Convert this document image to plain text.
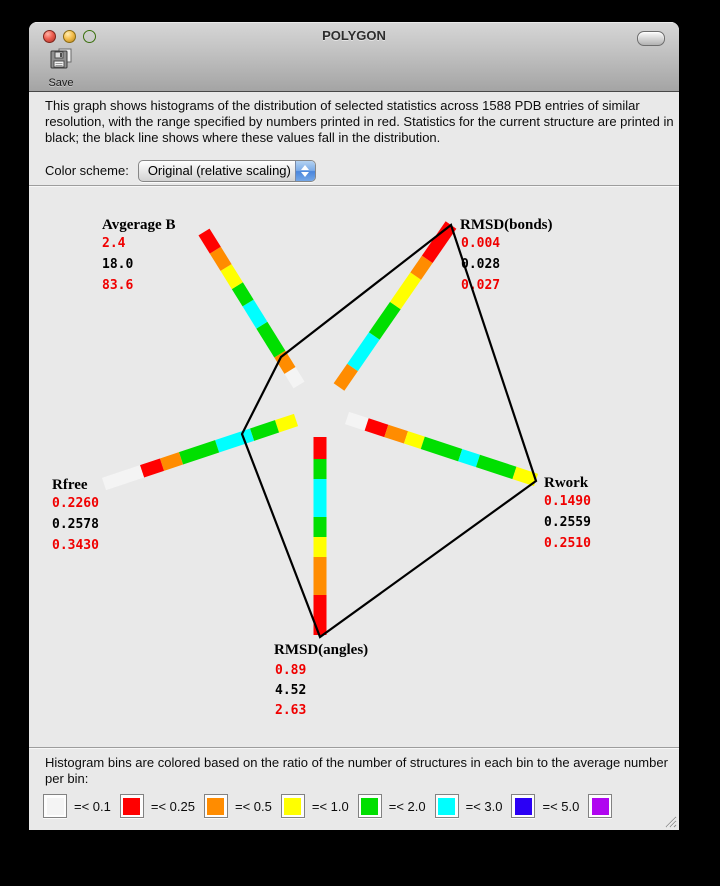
POLYGON
Save

This graph shows histograms of the distribution of selected statistics across 1588 PDB entries of similar resolution, with the range specified by numbers printed in red. Statistics for the current structure are printed in black; the black line shows where these values fall in the distribution.

Color scheme:	Original (relative scaling)
2.4
18.0
83.6
Avgerage B
0.004
0.028
0.027
RMSD(bonds)
0.1490
0.2559
0.2510
Rwork
0.89
4.52
2.63
RMSD(angles)
0.2260
0.2578
0.3430
Rfree

Histogram bins are colored based on the ratio of the number of structures in each bin to the average number per bin:

=< 0.1	=< 0.25	=< 0.5	=< 1.0	=< 2.0	=< 3.0	=< 5.0
